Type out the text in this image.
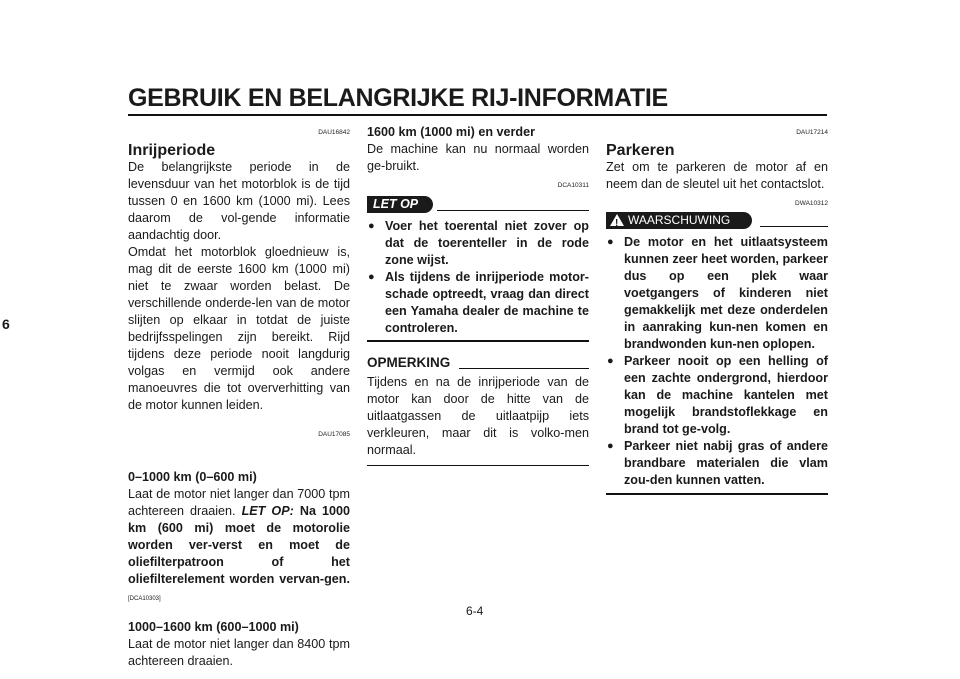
GEBRUIK EN BELANGRIJKE RIJ-INFORMATIE
6
DAU16842
Inrijperiode

De belangrijkste periode in de levensduur van het motorblok is de tijd tussen 0 en 1600 km (1000 mi). Lees daarom de vol-gende informatie aandachtig door.

Omdat het motorblok gloednieuw is, mag dit de eerste 1600 km (1000 mi) niet te zwaar worden belast. De verschillende onderde-len van de motor slijten op elkaar in totdat de juiste bedrijfsspelingen zijn bereikt. Rijd tijdens deze periode nooit langdurig volgas en vermijd ook andere manoeuvres die tot oververhitting van de motor kunnen leiden.

DAU17085
0–1000 km (0–600 mi)

Laat de motor niet langer dan 7000 tpm achtereen draaien. LET OP: Na 1000 km (600 mi) moet de motorolie worden ver-verst en moet de oliefilterpatroon of het oliefilterelement worden vervan-gen.[DCA10303]

1000–1600 km (600–1000 mi)

Laat de motor niet langer dan 8400 tpm achtereen draaien.

1600 km (1000 mi) en verder

De machine kan nu normaal worden ge-bruikt.

DCA10311
LET OP
● Voer het toerental niet zover op dat de toerenteller in de rode zone wijst.
● Als tijdens de inrijperiode motor-schade optreedt, vraag dan direct een Yamaha dealer de machine te controleren.
OPMERKING

Tijdens en na de inrijperiode van de motor kan door de hitte van de uitlaatgassen de uitlaatpijp iets verkleuren, maar dit is volko-men normaal.

DAU17214
Parkeren

Zet om te parkeren de motor af en neem dan de sleutel uit het contactslot.

DWA10312
WAARSCHUWING
!
● De motor en het uitlaatsysteem kunnen zeer heet worden, parkeer dus op een plek waar voetgangers of kinderen niet gemakkelijk met deze onderdelen in aanraking kun-nen komen en brandwonden kun-nen oplopen.
● Parkeer nooit op een helling of een zachte ondergrond, hierdoor kan de machine kantelen met mogelijk brandstoflekkage en brand tot ge-volg.
● Parkeer niet nabij gras of andere brandbare materialen die vlam zou-den kunnen vatten.
6-4
